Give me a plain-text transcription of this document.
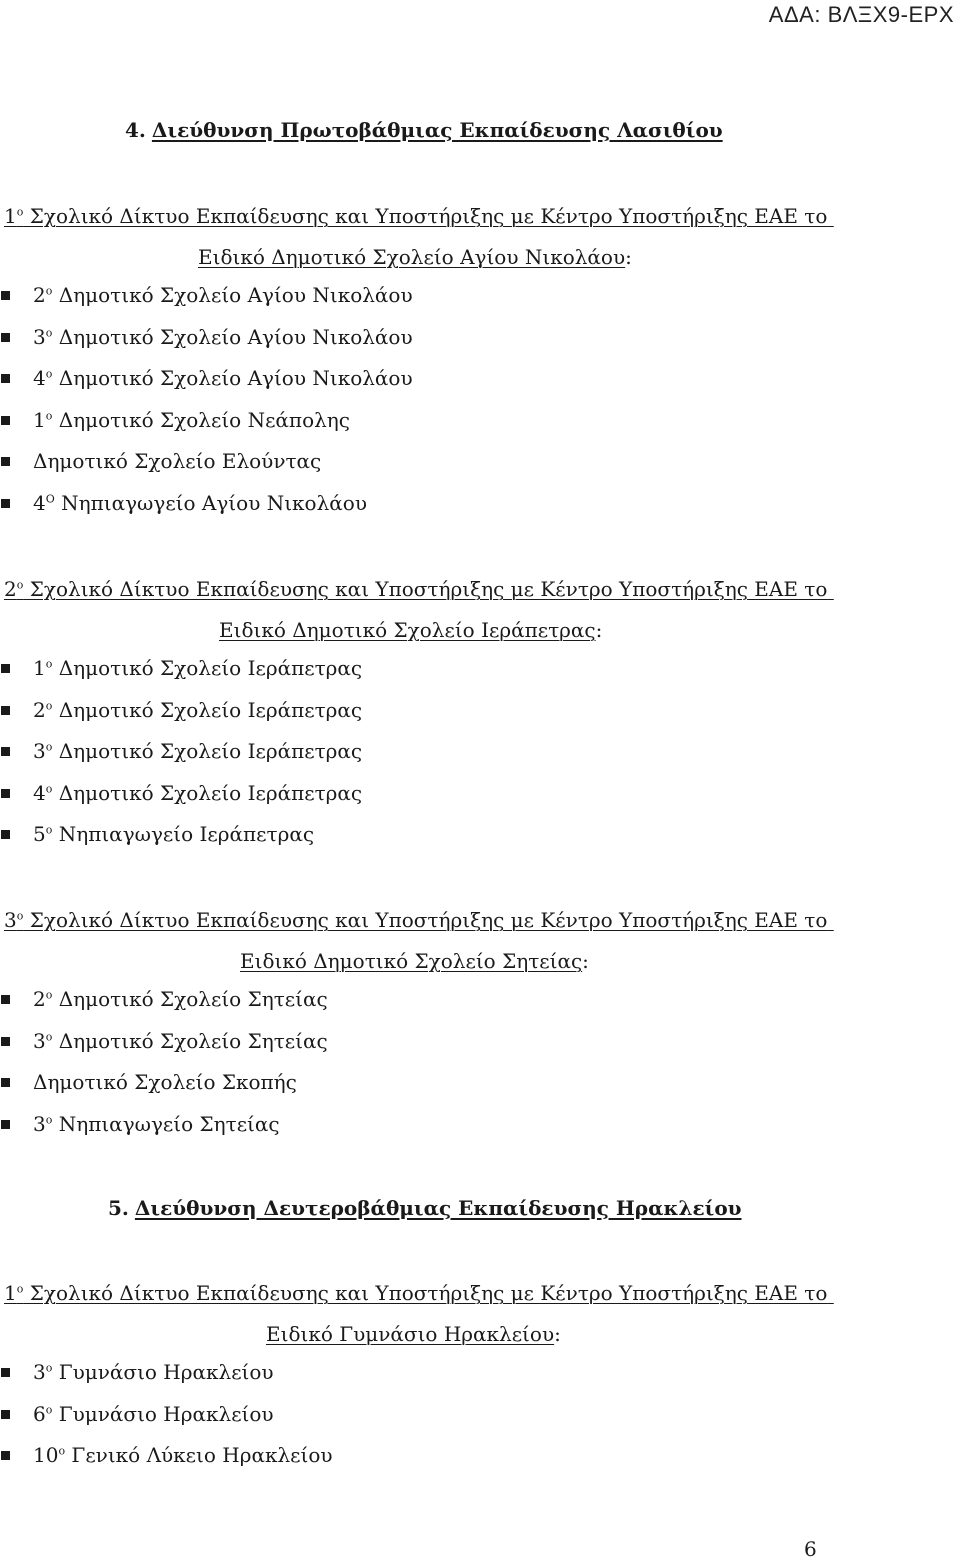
ΑΔΑ: ΒΛΞΧ9-ΕΡΧ
4. Διεύθυνση Πρωτοβάθμιας Εκπαίδευσης Λασιθίου
$1^o$ Σχολικό Δίκτυο Εκπαίδευσης και Υποστήριξης με Κέντρο Υποστήριξης ΕΑΕ το
Ειδικό Δημοτικό Σχολείο Αγίου Νικολάου:
$2^o$ Δημοτικό Σχολείο Αγίου Νικολάου
$3^o$ Δημοτικό Σχολείο Αγίου Νικολάου
$4^o$ Δημοτικό Σχολείο Αγίου Νικολάου
$1^o$ Δημοτικό Σχολείο Νεάπολης
Δημοτικό Σχολείο Ελούντας
$4^O$ Νηπιαγωγείο Αγίου Νικολάου
$2^o$ Σχολικό Δίκτυο Εκπαίδευσης και Υποστήριξης με Κέντρο Υποστήριξης ΕΑΕ το
Ειδικό Δημοτικό Σχολείο Ιεράπετρας:
$1^o$ Δημοτικό Σχολείο Ιεράπετρας
$2^o$ Δημοτικό Σχολείο Ιεράπετρας
$3^o$ Δημοτικό Σχολείο Ιεράπετρας
$4^o$ Δημοτικό Σχολείο Ιεράπετρας
$5^o$ Νηπιαγωγείο Ιεράπετρας
$3^o$ Σχολικό Δίκτυο Εκπαίδευσης και Υποστήριξης με Κέντρο Υποστήριξης ΕΑΕ το
Ειδικό Δημοτικό Σχολείο Σητείας:
$2^o$ Δημοτικό Σχολείο Σητείας
$3^o$ Δημοτικό Σχολείο Σητείας
Δημοτικό Σχολείο Σκοπής
$3^o$ Νηπιαγωγείο Σητείας
5. Διεύθυνση Δευτεροβάθμιας Εκπαίδευσης Ηρακλείου
$1^o$ Σχολικό Δίκτυο Εκπαίδευσης και Υποστήριξης με Κέντρο Υποστήριξης ΕΑΕ το
Ειδικό Γυμνάσιο Ηρακλείου:
$3^o$ Γυμνάσιο Ηρακλείου
$6^o$ Γυμνάσιο Ηρακλείου
$10^o$ Γενικό Λύκειο Ηρακλείου
6
